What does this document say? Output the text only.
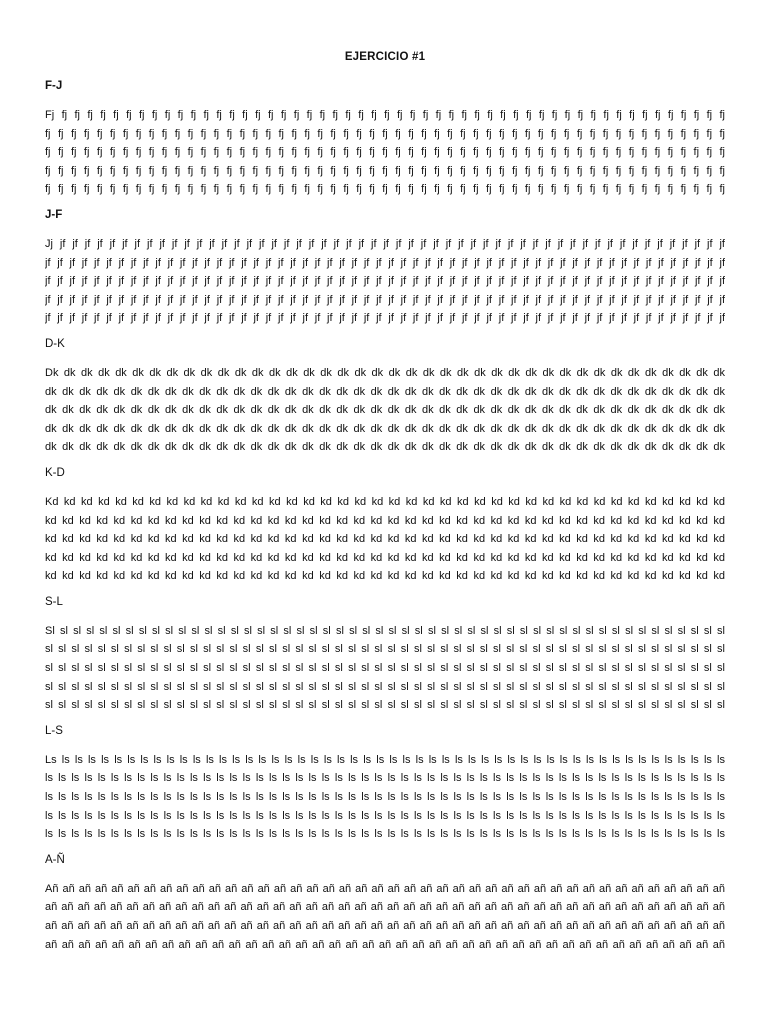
EJERCICIO #1
F-J
Fj fj fj fj fj fj fj fj fj fj fj fj fj fj fj fj fj fj fj fj fj fj fj fj fj fj fj fj fj fj fj fj fj fj fj fj fj fj fj fj fj fj fj fj fj fj fj fj fj fj fj fj fj
fj fj fj fj fj fj fj fj fj fj fj fj fj fj fj fj fj fj fj fj fj fj fj fj fj fj fj fj fj fj fj fj fj fj fj fj fj fj fj fj fj fj fj fj fj fj fj fj fj fj fj fj fj
fj fj fj fj fj fj fj fj fj fj fj fj fj fj fj fj fj fj fj fj fj fj fj fj fj fj fj fj fj fj fj fj fj fj fj fj fj fj fj fj fj fj fj fj fj fj fj fj fj fj fj fj fj
fj fj fj fj fj fj fj fj fj fj fj fj fj fj fj fj fj fj fj fj fj fj fj fj fj fj fj fj fj fj fj fj fj fj fj fj fj fj fj fj fj fj fj fj fj fj fj fj fj fj fj fj fj
fj fj fj fj fj fj fj fj fj fj fj fj fj fj fj fj fj fj fj fj fj fj fj fj fj fj fj fj fj fj fj fj fj fj fj fj fj fj fj fj fj fj fj fj fj fj fj fj fj fj fj fj fj
J-F
Jj jf jf jf jf jf jf jf jf jf jf jf jf jf jf jf jf jf jf jf jf jf jf jf jf jf jf jf jf jf jf jf jf jf jf jf jf jf jf jf jf jf jf jf jf jf jf jf jf jf jf jf jf jf jf
jf jf jf jf jf jf jf jf jf jf jf jf jf jf jf jf jf jf jf jf jf jf jf jf jf jf jf jf jf jf jf jf jf jf jf jf jf jf jf jf jf jf jf jf jf jf jf jf jf jf jf jf jf jf jf jf
jf jf jf jf jf jf jf jf jf jf jf jf jf jf jf jf jf jf jf jf jf jf jf jf jf jf jf jf jf jf jf jf jf jf jf jf jf jf jf jf jf jf jf jf jf jf jf jf jf jf jf jf jf jf jf jf
jf jf jf jf jf jf jf jf jf jf jf jf jf jf jf jf jf jf jf jf jf jf jf jf jf jf jf jf jf jf jf jf jf jf jf jf jf jf jf jf jf jf jf jf jf jf jf jf jf jf jf jf jf jf jf jf
jf jf jf jf jf jf jf jf jf jf jf jf jf jf jf jf jf jf jf jf jf jf jf jf jf jf jf jf jf jf jf jf jf jf jf jf jf jf jf jf jf jf jf jf jf jf jf jf jf jf jf jf jf jf jf jf
D-K
Dk dk dk dk dk dk dk dk dk dk dk dk dk dk dk dk dk dk dk dk dk dk dk dk dk dk dk dk dk dk dk dk dk dk dk dk dk dk dk dk
dk dk dk dk dk dk dk dk dk dk dk dk dk dk dk dk dk dk dk dk dk dk dk dk dk dk dk dk dk dk dk dk dk dk dk dk dk dk dk dk
dk dk dk dk dk dk dk dk dk dk dk dk dk dk dk dk dk dk dk dk dk dk dk dk dk dk dk dk dk dk dk dk dk dk dk dk dk dk dk dk
dk dk dk dk dk dk dk dk dk dk dk dk dk dk dk dk dk dk dk dk dk dk dk dk dk dk dk dk dk dk dk dk dk dk dk dk dk dk dk dk
dk dk dk dk dk dk dk dk dk dk dk dk dk dk dk dk dk dk dk dk dk dk dk dk dk dk dk dk dk dk dk dk dk dk dk dk dk dk dk dk
K-D
Kd kd kd kd kd kd kd kd kd kd kd kd kd kd kd kd kd kd kd kd kd kd kd kd kd kd kd kd kd kd kd kd kd kd kd kd kd kd kd kd
kd kd kd kd kd kd kd kd kd kd kd kd kd kd kd kd kd kd kd kd kd kd kd kd kd kd kd kd kd kd kd kd kd kd kd kd kd kd kd kd
kd kd kd kd kd kd kd kd kd kd kd kd kd kd kd kd kd kd kd kd kd kd kd kd kd kd kd kd kd kd kd kd kd kd kd kd kd kd kd kd
kd kd kd kd kd kd kd kd kd kd kd kd kd kd kd kd kd kd kd kd kd kd kd kd kd kd kd kd kd kd kd kd kd kd kd kd kd kd kd kd
kd kd kd kd kd kd kd kd kd kd kd kd kd kd kd kd kd kd kd kd kd kd kd kd kd kd kd kd kd kd kd kd kd kd kd kd kd kd kd kd
S-L
Sl sl sl sl sl sl sl sl sl sl sl sl sl sl sl sl sl sl sl sl sl sl sl sl sl sl sl sl sl sl sl sl sl sl sl sl sl sl sl sl sl sl sl sl sl sl sl sl sl sl sl sl
sl sl sl sl sl sl sl sl sl sl sl sl sl sl sl sl sl sl sl sl sl sl sl sl sl sl sl sl sl sl sl sl sl sl sl sl sl sl sl sl sl sl sl sl sl sl sl sl sl sl sl sl
sl sl sl sl sl sl sl sl sl sl sl sl sl sl sl sl sl sl sl sl sl sl sl sl sl sl sl sl sl sl sl sl sl sl sl sl sl sl sl sl sl sl sl sl sl sl sl sl sl sl sl sl
sl sl sl sl sl sl sl sl sl sl sl sl sl sl sl sl sl sl sl sl sl sl sl sl sl sl sl sl sl sl sl sl sl sl sl sl sl sl sl sl sl sl sl sl sl sl sl sl sl sl sl sl
sl sl sl sl sl sl sl sl sl sl sl sl sl sl sl sl sl sl sl sl sl sl sl sl sl sl sl sl sl sl sl sl sl sl sl sl sl sl sl sl sl sl sl sl sl sl sl sl sl sl sl sl
L-S
Ls ls ls ls ls ls ls ls ls ls ls ls ls ls ls ls ls ls ls ls ls ls ls ls ls ls ls ls ls ls ls ls ls ls ls ls ls ls ls ls ls ls ls ls ls ls ls ls ls ls ls ls
ls ls ls ls ls ls ls ls ls ls ls ls ls ls ls ls ls ls ls ls ls ls ls ls ls ls ls ls ls ls ls ls ls ls ls ls ls ls ls ls ls ls ls ls ls ls ls ls ls ls ls ls
ls ls ls ls ls ls ls ls ls ls ls ls ls ls ls ls ls ls ls ls ls ls ls ls ls ls ls ls ls ls ls ls ls ls ls ls ls ls ls ls ls ls ls ls ls ls ls ls ls ls ls ls
ls ls ls ls ls ls ls ls ls ls ls ls ls ls ls ls ls ls ls ls ls ls ls ls ls ls ls ls ls ls ls ls ls ls ls ls ls ls ls ls ls ls ls ls ls ls ls ls ls ls ls ls
ls ls ls ls ls ls ls ls ls ls ls ls ls ls ls ls ls ls ls ls ls ls ls ls ls ls ls ls ls ls ls ls ls ls ls ls ls ls ls ls ls ls ls ls ls ls ls ls ls ls ls ls
A-Ñ
Añ añ añ añ añ añ añ añ añ añ añ añ añ añ añ añ añ añ añ añ añ añ añ añ añ añ añ añ añ añ añ añ añ añ añ añ añ añ añ añ añ añ
añ añ añ añ añ añ añ añ añ añ añ añ añ añ añ añ añ añ añ añ añ añ añ añ añ añ añ añ añ añ añ añ añ añ añ añ añ añ añ añ añ añ
añ añ añ añ añ añ añ añ añ añ añ añ añ añ añ añ añ añ añ añ añ añ añ añ añ añ añ añ añ añ añ añ añ añ añ añ añ añ añ añ añ añ
añ añ añ añ añ añ añ añ añ añ añ añ añ añ añ añ añ añ añ añ añ añ añ añ añ añ añ añ añ añ añ añ añ añ añ añ añ añ añ añ añ
